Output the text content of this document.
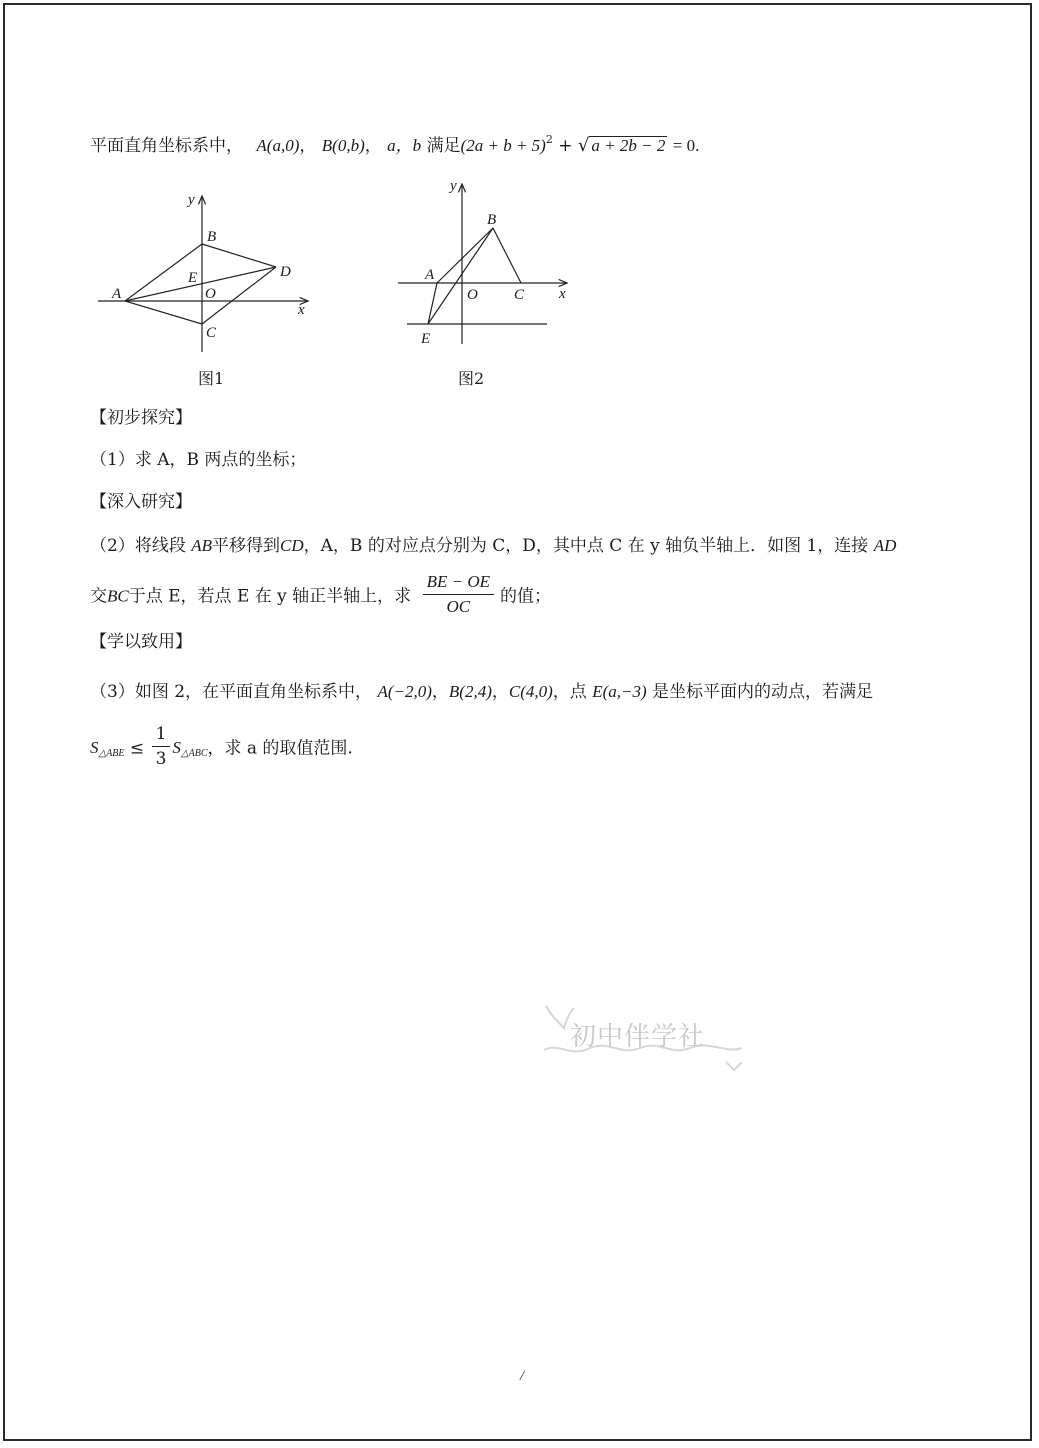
平面直角坐标系中， A(a,0)， B(0,b)， a，b 满足$(2a + b + 5)^2$ + √ a + 2b − 2 = 0.
A
B
C
D
E
O
x
y
图1
A
B
C
E
O	x
y
图2
【初步探究】
（1）求 A，B 两点的坐标；
【深入研究】
（2）将线段 AB平移得到CD，A，B 的对应点分别为 C，D，其中点 C 在 y 轴负半轴上．如图 1，连接 AD
交BC于点 E，若点 E 在 y 轴正半轴上，求 $\frac{BE - OE}{OC}$ 的值；
【学以致用】
（3）如图 2，在平面直角坐标系中， A(−2,0)，B(2,4)，C(4,0)，点 E(a,−3) 是坐标平面内的动点，若满足
$S_{\triangle ABE} \le \frac{1}{3} S_{\triangle ABC}$，求 a 的取值范围.
初中伴学社
/
